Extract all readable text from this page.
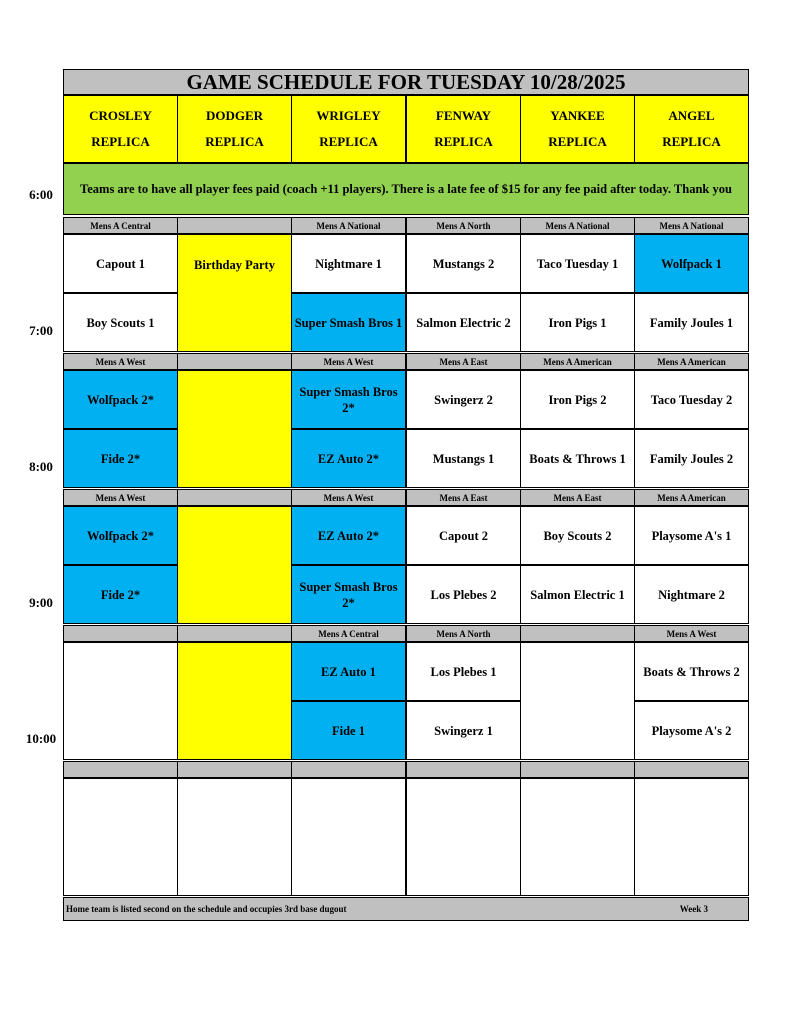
GAME SCHEDULE FOR TUESDAY 10/28/2025
CROSLEY
REPLICA
DODGER
REPLICA
WRIGLEY
REPLICA
FENWAY
REPLICA
YANKEE
REPLICA
ANGEL
REPLICA
Teams are to have all player fees paid (coach +11 players). There is a late fee of $15 for any fee paid after today. Thank you
Mens A Central
Capout 1
Boy Scouts 1
Birthday Party
Mens A National
Nightmare 1
Super Smash Bros 1
Mens A North
Mustangs 2
Salmon Electric 2
Mens A National
Taco Tuesday 1
Iron Pigs 1
Mens A National
Wolfpack 1
Family Joules 1
Mens A West
Wolfpack 2*
Fide 2*
Mens A West
Super Smash Bros 2*
EZ Auto 2*
Mens A East
Swingerz 2
Mustangs 1
Mens A American
Iron Pigs 2
Boats & Throws 1
Mens A American
Taco Tuesday 2
Family Joules 2
Mens A West
Wolfpack 2*
Fide 2*
Mens A West
EZ Auto 2*
Super Smash Bros 2*
Mens A East
Capout 2
Los Plebes 2
Mens A East
Boy Scouts 2
Salmon Electric 1
Mens A American
Playsome A's 1
Nightmare 2
Mens A Central
EZ Auto 1
Fide 1
Mens A North
Los Plebes 1
Swingerz 1
Mens A West
Boats & Throws 2
Playsome A's 2
Home team is listed second on the schedule and occupies 3rd base dugout	Week 3
6:00
7:00
8:00
9:00
10:00
